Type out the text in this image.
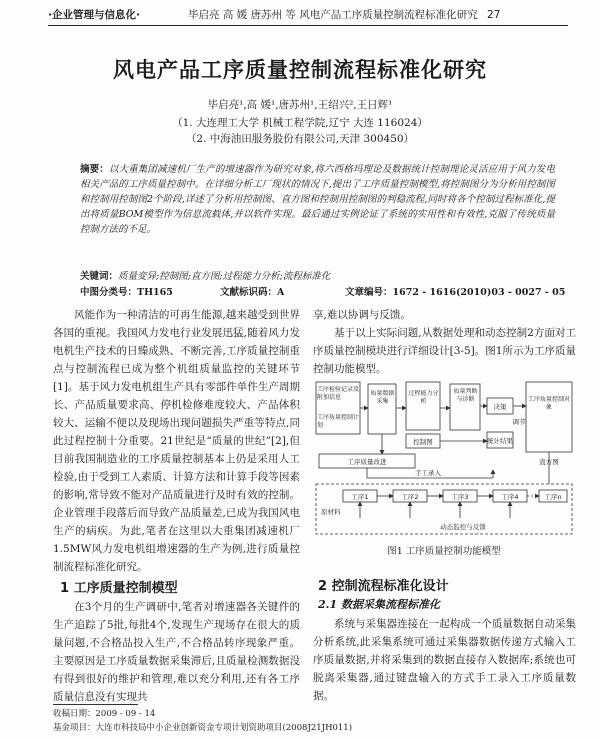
·企业管理与信息化·	毕启亮 高 媛 唐苏州 等 风电产品工序质量控制流程标准化研究 27
风电产品工序质量控制流程标准化研究
毕启亮¹,高 媛¹,唐苏州¹,王绍兴²,王日辉¹
（1. 大连理工大学 机械工程学院,辽宁 大连 116024）
（2. 中海油田服务股份有限公司,天津 300450）
摘要：以大重集团减速机厂生产的增速器作为研究对象,将六西格玛理论及数据统计控制理论灵活应用于风力发电相关产品的工序质量控制中。在详细分析工厂现状的情况下,提出了工序质量控制模型,将控制图分为分析用控制图和控制用控制图2个阶段,详述了分析用控制图、直方图和控制用控制图的判稳流程,同时将各个控制过程标准化,提出将质量BOM模型作为信息流载体,并以软件实现。最后通过实例论证了系统的实用性和有效性,克服了传统质量控制方法的不足。
关键词：质量变异;控制图;直方图;过程能力分析;流程标准化
中图分类号：TH165	文献标识码：A	文章编号：1672 - 1616(2010)03 - 0027 - 05

风能作为一种清洁的可再生能源,越来越受到世界各国的重视。我国风力发电行业发展迅猛,随着风力发电机生产技术的日臻成熟、不断完善,工序质量控制重点与控制流程已成为整个机组质量监控的关键环节[1]。基于风力发电机组生产具有零部件单件生产周期长、产品质量要求高、停机检修难度较大、产品体积较大、运输不便以及现场出现问题损失严重等特点,同此过程控制十分重要。21世纪是“质量的世纪”[2],但目前我国制造业的工序质量控制基本上仍是采用人工检验,由于受到工人素质、计算方法和计算手段等因素的影响,常导致不能对产品质量进行及时有效的控制。企业管理手段落后而导致产品质量差,已成为我国风电生产的病疾。为此,笔者在这里以大重集团减速机厂1.5MW风力发电机组增速器的生产为例,进行质量控制流程标准化研究。

1 工序质量控制模型

在3个月的生产调研中,笔者对增速器各关键件的生产追踪了5批,每批4个,发现生产现场存在很大的质量问题,不合格品投入生产,不合格品转序现象严重。主要原因是工序质量数据采集滞后,且质量检测数据没有得到很好的维护和管理,难以充分利用,还有各工序质量信息没有实现共

享,难以协调与反馈。

基于以上实际问题,从数据处理和动态控制2方面对工序质量控制模块进行详细设计[3-5]。图1所示为工序质量控制功能模型。

工序检验记录及附加信息
工序质量控制计划
质量数据采集
过程能力分析
控制图
质量判断与诊断
决策
调节
工序质量控制对象
统计结果
直方图
工序质量改进
手工录入
工序1	工序2	工序3	工序4	工序n
原材料
动态监控与反馈
图1 工序质量控制功能模型
2 控制流程标准化设计
2.1 数据采集流程标准化

系统与采集器连接在一起构成一个质量数据自动采集分析系统,此采集系统可通过采集器数据传递方式输入工序质量数据,并将采集到的数据直接存入数据库;系统也可脱离采集器,通过键盘输入的方式手工录入工序质量数据。

收稿日期：2009 - 09 - 14
基金项目：大连市科技局中小企业创新资金专项计划资助项目(2008J21JH011)
